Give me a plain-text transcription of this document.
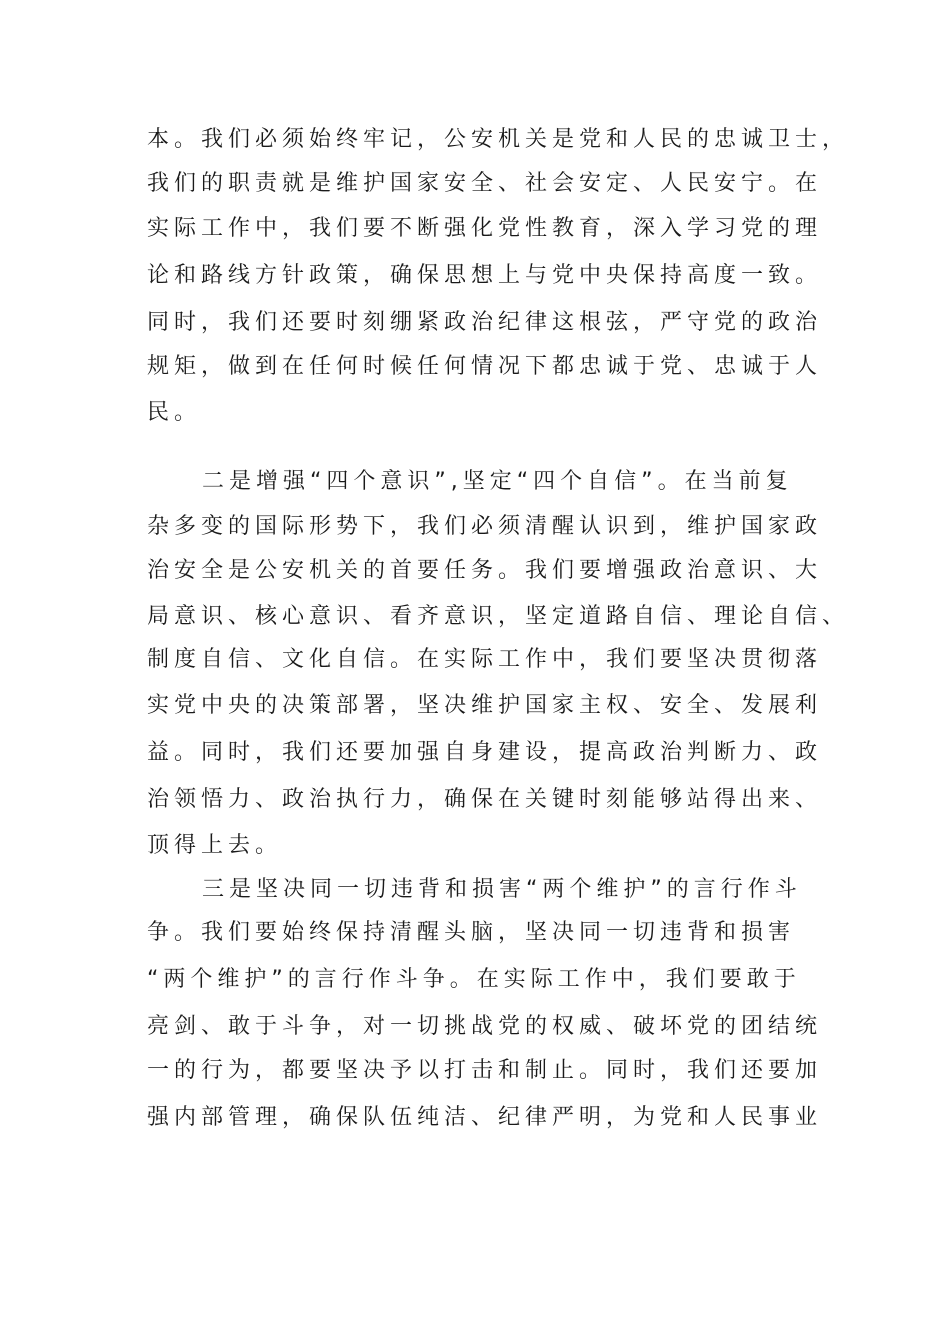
本。我们必须始终牢记，公安机关是党和人民的忠诚卫士，
我们的职责就是维护国家安全、社会安定、人民安宁。在
实际工作中，我们要不断强化党性教育，深入学习党的理
论和路线方针政策，确保思想上与党中央保持高度一致。
同时，我们还要时刻绷紧政治纪律这根弦，严守党的政治
规矩，做到在任何时候任何情况下都忠诚于党、忠诚于人
民。
二是增强“四个意识”,坚定“四个自信”。在当前复
杂多变的国际形势下，我们必须清醒认识到，维护国家政
治安全是公安机关的首要任务。我们要增强政治意识、大
局意识、核心意识、看齐意识，坚定道路自信、理论自信、
制度自信、文化自信。在实际工作中，我们要坚决贯彻落
实党中央的决策部署，坚决维护国家主权、安全、发展利
益。同时，我们还要加强自身建设，提高政治判断力、政
治领悟力、政治执行力，确保在关键时刻能够站得出来、
顶得上去。
三是坚决同一切违背和损害“两个维护”的言行作斗
争。我们要始终保持清醒头脑，坚决同一切违背和损害
“两个维护”的言行作斗争。在实际工作中，我们要敢于
亮剑、敢于斗争，对一切挑战党的权威、破坏党的团结统
一的行为，都要坚决予以打击和制止。同时，我们还要加
强内部管理，确保队伍纯洁、纪律严明，为党和人民事业
